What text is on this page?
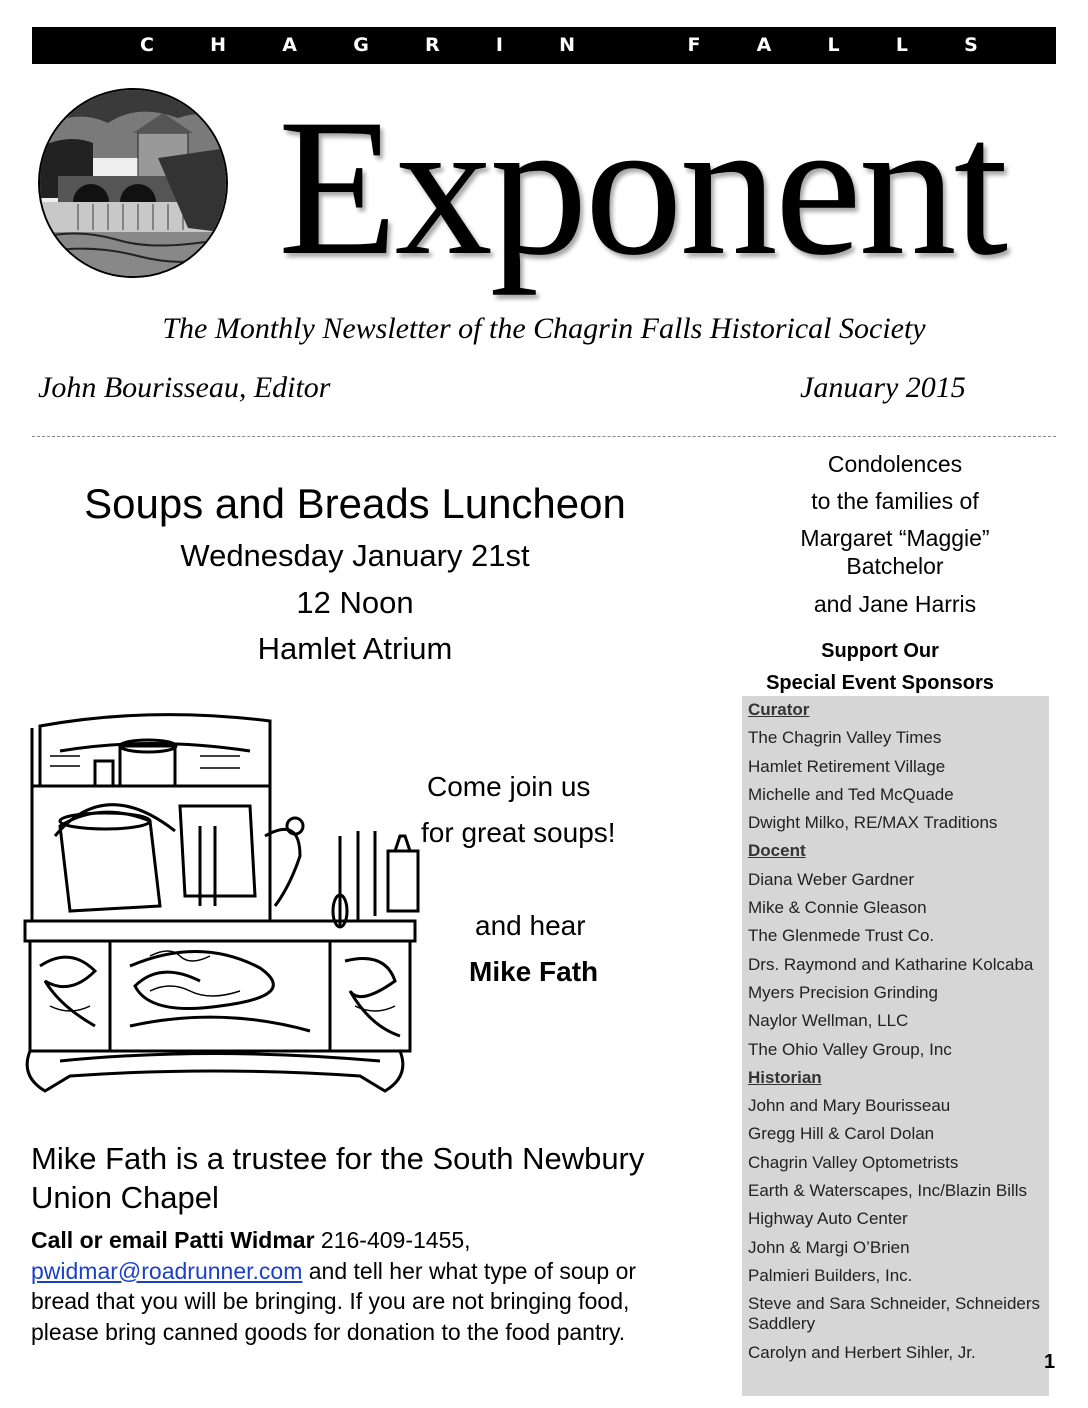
C	H	A	G	R	I	N	F	A	L	L	S
Exponent
The Monthly Newsletter of the Chagrin Falls Historical Society
John Bourisseau, Editor	January 2015
Soups and Breads Luncheon
Wednesday January 21st
12 Noon
Hamlet Atrium
Come join us
for great soups!
and hear
Mike Fath
Mike Fath is a trustee for the South Newbury Union Chapel
Call or email Patti Widmar 216-409-1455, pwidmar@roadrunner.com and tell her what type of soup or bread that you will be bringing. If you are not bringing food, please bring canned goods for donation to the food pantry.
Condolences
to the families of
Margaret “Maggie” Batchelor
and Jane Harris
Support Our
Special Event Sponsors
Curator
The Chagrin Valley Times
Hamlet Retirement Village
Michelle and Ted McQuade
Dwight Milko, RE/MAX Traditions
Docent
Diana Weber Gardner
Mike & Connie Gleason
The Glenmede Trust Co.
Drs. Raymond and Katharine Kolcaba
Myers Precision Grinding
Naylor Wellman, LLC
The Ohio Valley Group, Inc
Historian
John and Mary Bourisseau
Gregg Hill & Carol Dolan
Chagrin Valley Optometrists
Earth & Waterscapes, Inc/Blazin Bills
Highway Auto Center
John & Margi O’Brien
Palmieri Builders, Inc.
Steve and Sara Schneider, Schneiders Saddlery
Carolyn and Herbert Sihler, Jr.	1
